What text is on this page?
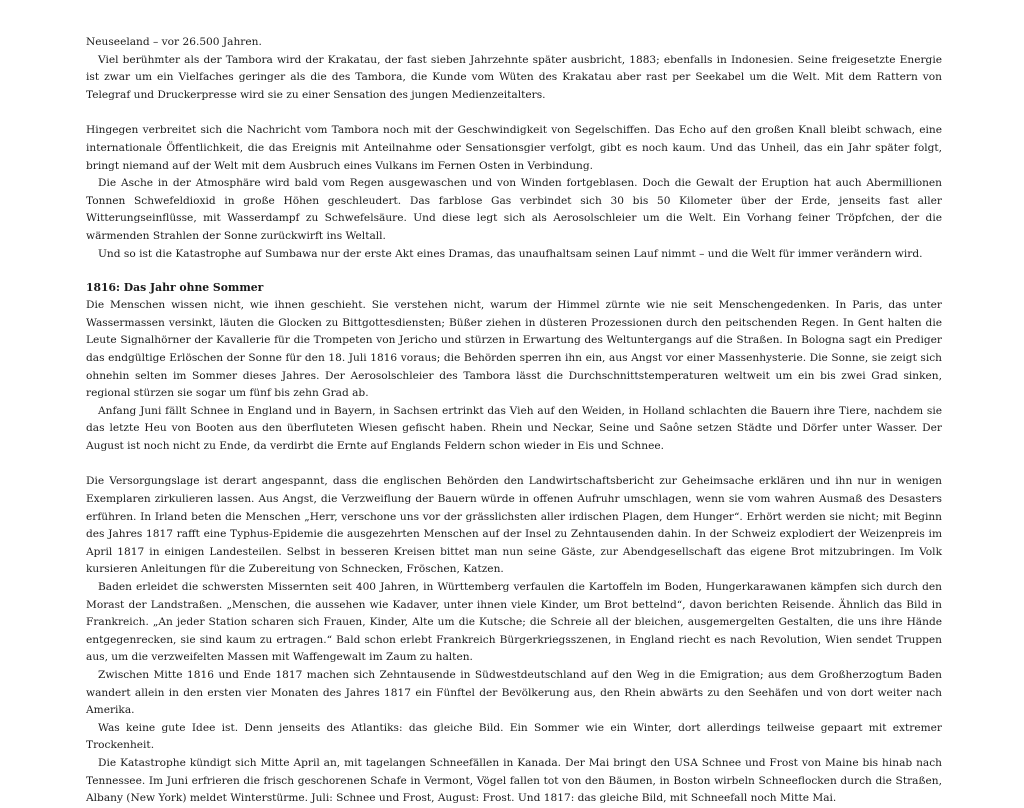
Neuseeland – vor 26.500 Jahren.

Viel berühmter als der Tambora wird der Krakatau, der fast sieben Jahrzehnte später ausbricht, 1883; ebenfalls in Indonesien. Seine freigesetzte Energie ist zwar um ein Vielfaches geringer als die des Tambora, die Kunde vom Wüten des Krakatau aber rast per Seekabel um die Welt. Mit dem Rattern von Telegraf und Druckerpresse wird sie zu einer Sensation des jungen Medienzeitalters.

Hingegen verbreitet sich die Nachricht vom Tambora noch mit der Geschwindigkeit von Segelschiffen. Das Echo auf den großen Knall bleibt schwach, eine internationale Öffentlichkeit, die das Ereignis mit Anteilnahme oder Sensationsgier verfolgt, gibt es noch kaum. Und das Unheil, das ein Jahr später folgt, bringt niemand auf der Welt mit dem Ausbruch eines Vulkans im Fernen Osten in Verbindung.

Die Asche in der Atmosphäre wird bald vom Regen ausgewaschen und von Winden fortgeblasen. Doch die Gewalt der Eruption hat auch Abermillionen Tonnen Schwefeldioxid in große Höhen geschleudert. Das farblose Gas verbindet sich 30 bis 50 Kilometer über der Erde, jenseits fast aller Witterungseinflüsse, mit Wasserdampf zu Schwefelsäure. Und diese legt sich als Aerosolschleier um die Welt. Ein Vorhang feiner Tröpfchen, der die wärmenden Strahlen der Sonne zurückwirft ins Weltall.

Und so ist die Katastrophe auf Sumbawa nur der erste Akt eines Dramas, das unaufhaltsam seinen Lauf nimmt – und die Welt für immer verändern wird.

1816: Das Jahr ohne Sommer

Die Menschen wissen nicht, wie ihnen geschieht. Sie verstehen nicht, warum der Himmel zürnte wie nie seit Menschengedenken. In Paris, das unter Wassermassen versinkt, läuten die Glocken zu Bittgottesdiensten; Büßer ziehen in düsteren Prozessionen durch den peitschenden Regen. In Gent halten die Leute Signalhörner der Kavallerie für die Trompeten von Jericho und stürzen in Erwartung des Weltuntergangs auf die Straßen. In Bologna sagt ein Prediger das endgültige Erlöschen der Sonne für den 18. Juli 1816 voraus; die Behörden sperren ihn ein, aus Angst vor einer Massenhysterie. Die Sonne, sie zeigt sich ohnehin selten im Sommer dieses Jahres. Der Aerosolschleier des Tambora lässt die Durchschnittstemperaturen weltweit um ein bis zwei Grad sinken, regional stürzen sie sogar um fünf bis zehn Grad ab.

Anfang Juni fällt Schnee in England und in Bayern, in Sachsen ertrinkt das Vieh auf den Weiden, in Holland schlachten die Bauern ihre Tiere, nachdem sie das letzte Heu von Booten aus den überfluteten Wiesen gefischt haben. Rhein und Neckar, Seine und Saône setzen Städte und Dörfer unter Wasser. Der August ist noch nicht zu Ende, da verdirbt die Ernte auf Englands Feldern schon wieder in Eis und Schnee.

Die Versorgungslage ist derart angespannt, dass die englischen Behörden den Landwirtschaftsbericht zur Geheimsache erklären und ihn nur in wenigen Exemplaren zirkulieren lassen. Aus Angst, die Verzweiflung der Bauern würde in offenen Aufruhr umschlagen, wenn sie vom wahren Ausmaß des Desasters erführen. In Irland beten die Menschen „Herr, verschone uns vor der grässlichsten aller irdischen Plagen, dem Hunger“. Erhört werden sie nicht; mit Beginn des Jahres 1817 rafft eine Typhus-Epidemie die ausgezehrten Menschen auf der Insel zu Zehntausenden dahin. In der Schweiz explodiert der Weizenpreis im April 1817 in einigen Landesteilen. Selbst in besseren Kreisen bittet man nun seine Gäste, zur Abendgesellschaft das eigene Brot mitzubringen. Im Volk kursieren Anleitungen für die Zubereitung von Schnecken, Fröschen, Katzen.

Baden erleidet die schwersten Missernten seit 400 Jahren, in Württemberg verfaulen die Kartoffeln im Boden, Hungerkarawanen kämpfen sich durch den Morast der Landstraßen. „Menschen, die aussehen wie Kadaver, unter ihnen viele Kinder, um Brot bettelnd“, davon berichten Reisende. Ähnlich das Bild in Frankreich. „An jeder Station scharen sich Frauen, Kinder, Alte um die Kutsche; die Schreie all der bleichen, ausgemergelten Gestalten, die uns ihre Hände entgegenrecken, sie sind kaum zu ertragen.“ Bald schon erlebt Frankreich Bürgerkriegsszenen, in England riecht es nach Revolution, Wien sendet Truppen aus, um die verzweifelten Massen mit Waffengewalt im Zaum zu halten.

Zwischen Mitte 1816 und Ende 1817 machen sich Zehntausende in Südwestdeutschland auf den Weg in die Emigration; aus dem Großherzogtum Baden wandert allein in den ersten vier Monaten des Jahres 1817 ein Fünftel der Bevölkerung aus, den Rhein abwärts zu den Seehäfen und von dort weiter nach Amerika.

Was keine gute Idee ist. Denn jenseits des Atlantiks: das gleiche Bild. Ein Sommer wie ein Winter, dort allerdings teilweise gepaart mit extremer Trockenheit.

Die Katastrophe kündigt sich Mitte April an, mit tagelangen Schneefällen in Kanada. Der Mai bringt den USA Schnee und Frost von Maine bis hinab nach Tennessee. Im Juni erfrieren die frisch geschorenen Schafe in Vermont, Vögel fallen tot von den Bäumen, in Boston wirbeln Schneeflocken durch die Straßen, Albany (New York) meldet Winterstürme. Juli: Schnee und Frost, August: Frost. Und 1817: das gleiche Bild, mit Schneefall noch Mitte Mai.
